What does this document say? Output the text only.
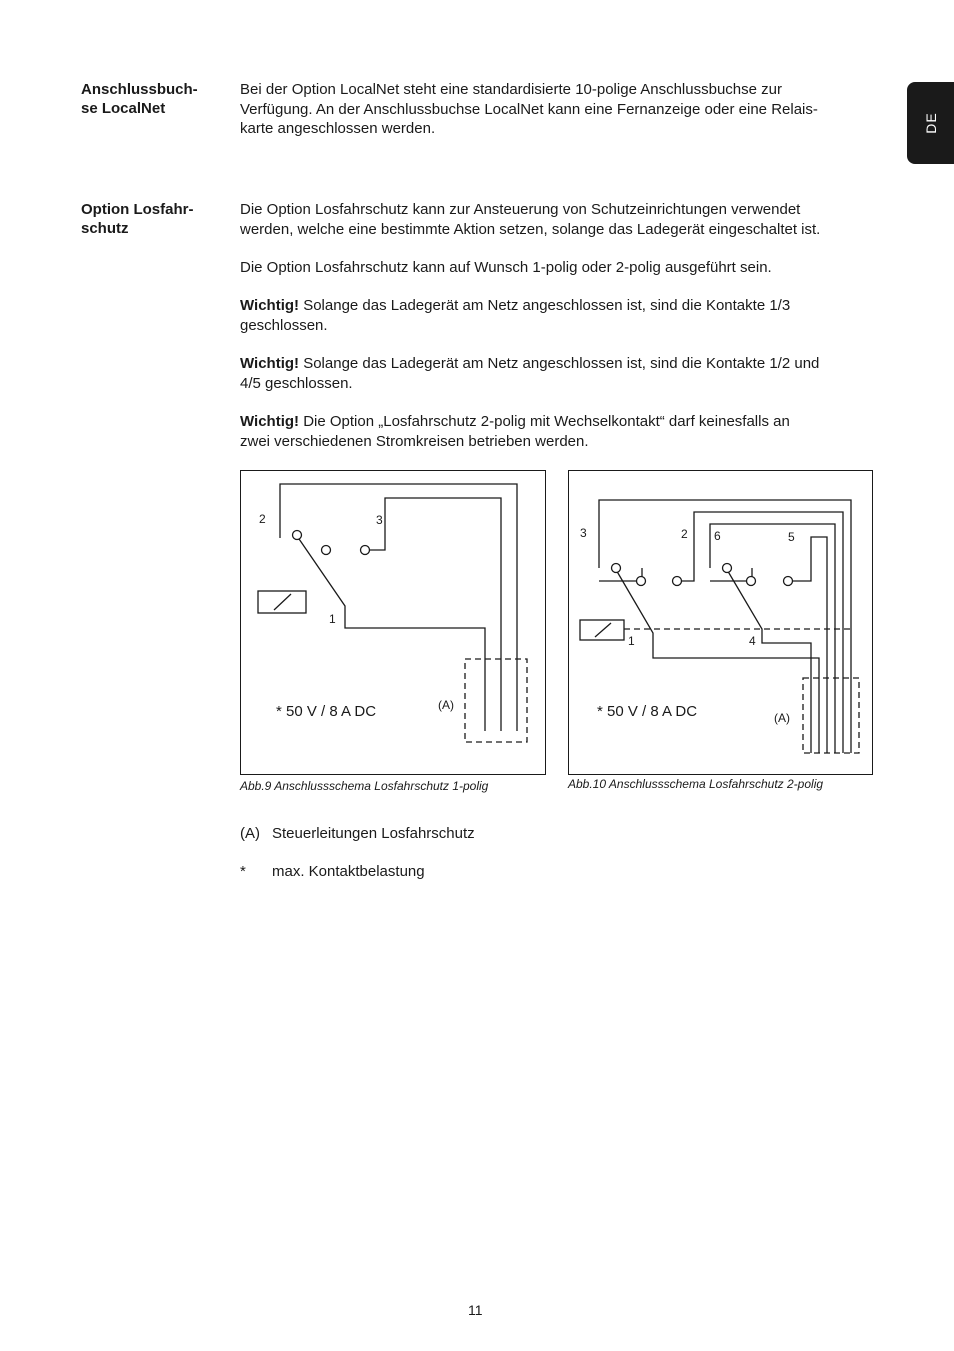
DE
Anschlussbuch-
se LocalNet
Bei der Option LocalNet steht eine standardisierte 10-polige Anschlussbuchse zur
Verfügung. An der Anschlussbuchse LocalNet kann eine Fernanzeige oder eine Relais-
karte angeschlossen werden.
Option Losfahr-
schutz
Die Option Losfahrschutz kann zur Ansteuerung von Schutzeinrichtungen verwendet
werden, welche eine bestimmte Aktion setzen, solange das Ladegerät eingeschaltet ist.
Die Option Losfahrschutz kann auf Wunsch 1-polig oder 2-polig ausgeführt sein.
Wichtig! Solange das Ladegerät am Netz angeschlossen ist, sind die Kontakte 1/3
geschlossen.
Wichtig! Solange das Ladegerät am Netz angeschlossen ist, sind die Kontakte 1/2 und
4/5 geschlossen.
Wichtig! Die Option „Losfahrschutz 2-polig mit Wechselkontakt“ darf keinesfalls an
zwei verschiedenen Stromkreisen betrieben werden.
2	3
1
(A)
* 50 V / 8 A DC
Abb.9 Anschlussschema Losfahrschutz 1-polig
3	2 6	5
1	4
(A)
* 50 V / 8 A DC
Abb.10 Anschlussschema Losfahrschutz 2-polig
(A) Steuerleitungen Losfahrschutz
* max. Kontaktbelastung
11
